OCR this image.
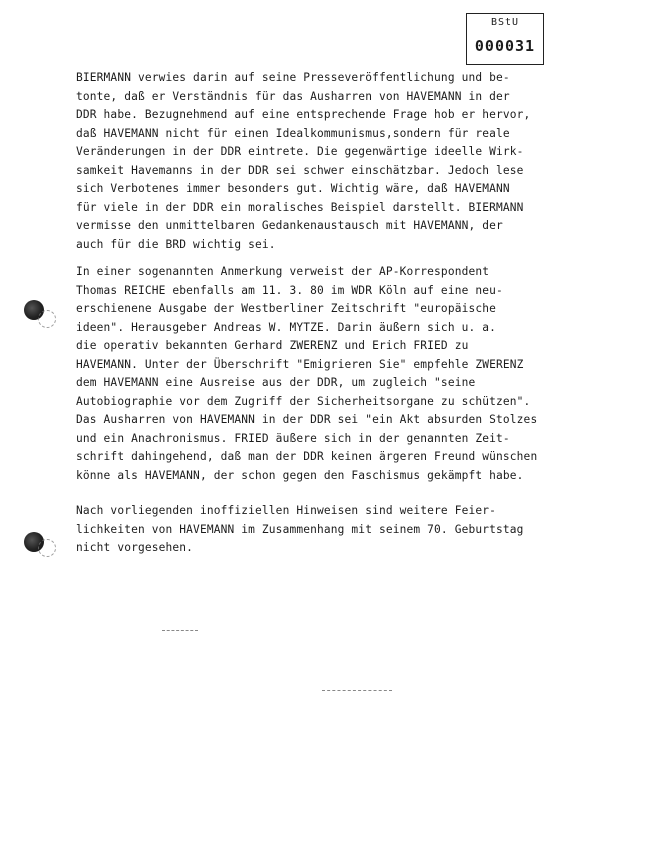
BStU
000031
BIERMANN verwies darin auf seine Presseveröffentlichung und be-
tonte, daß er Verständnis für das Ausharren von HAVEMANN in der
DDR habe. Bezugnehmend auf eine entsprechende Frage hob er hervor,
daß HAVEMANN nicht für einen Idealkommunismus,sondern für reale
Veränderungen in der DDR eintrete. Die gegenwärtige ideelle Wirk-
samkeit Havemanns in der DDR sei schwer einschätzbar. Jedoch lese
sich Verbotenes immer besonders gut. Wichtig wäre, daß HAVEMANN
für viele in der DDR ein moralisches Beispiel darstellt. BIERMANN
vermisse den unmittelbaren Gedankenaustausch mit HAVEMANN, der
auch für die BRD wichtig sei.
In einer sogenannten Anmerkung verweist der AP-Korrespondent
Thomas REICHE ebenfalls am 11. 3. 80 im WDR Köln auf eine neu-
erschienene Ausgabe der Westberliner Zeitschrift "europäische
ideen". Herausgeber Andreas W. MYTZE. Darin äußern sich u. a.
die operativ bekannten Gerhard ZWERENZ und Erich FRIED zu
HAVEMANN. Unter der Überschrift "Emigrieren Sie" empfehle ZWERENZ
dem HAVEMANN eine Ausreise aus der DDR, um zugleich "seine
Autobiographie vor dem Zugriff der Sicherheitsorgane zu schützen".
Das Ausharren von HAVEMANN in der DDR sei "ein Akt absurden Stolzes
und ein Anachronismus. FRIED äußere sich in der genannten Zeit-
schrift dahingehend, daß man der DDR keinen ärgeren Freund wünschen
könne als HAVEMANN, der schon gegen den Faschismus gekämpft habe.
Nach vorliegenden inoffiziellen Hinweisen sind weitere Feier-
lichkeiten von HAVEMANN im Zusammenhang mit seinem 70. Geburtstag
nicht vorgesehen.
